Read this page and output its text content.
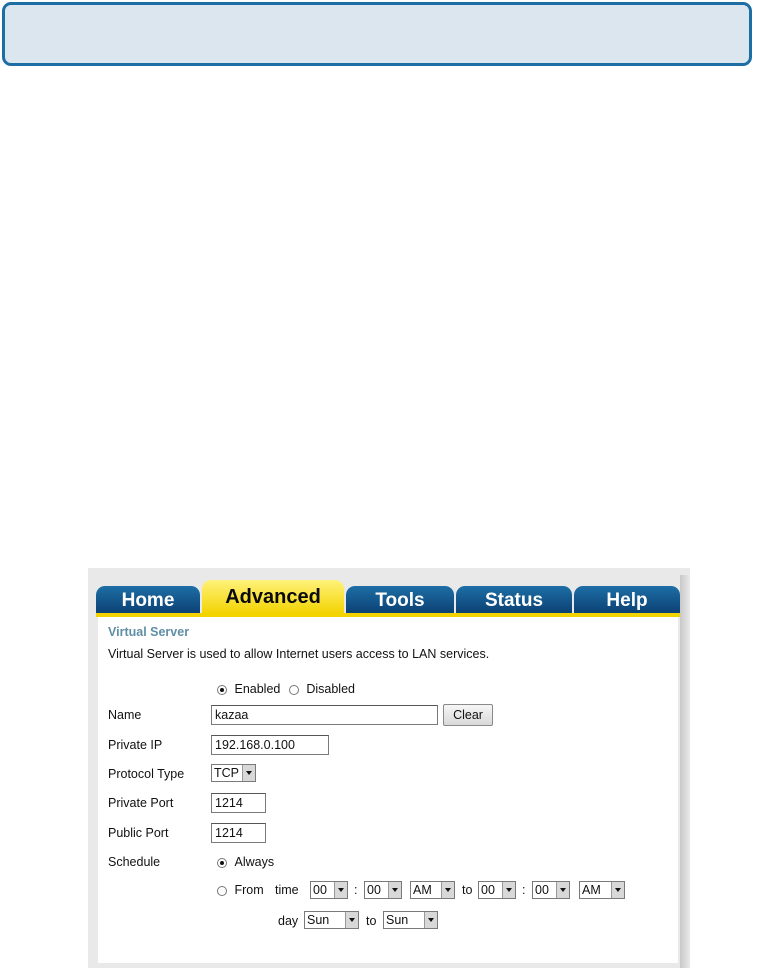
Home	Advanced	Tools	Status	Help
Virtual Server
Virtual Server is used to allow Internet users access to LAN services.
Enabled Disabled
Name	kazaa	Clear
Private IP	192.168.0.100
Protocol Type TCP
Private Port	1214
Public Port	1214
Schedule	Always
From time 00	: 00	AM	to 00	: 00	AM
day Sun	to Sun
